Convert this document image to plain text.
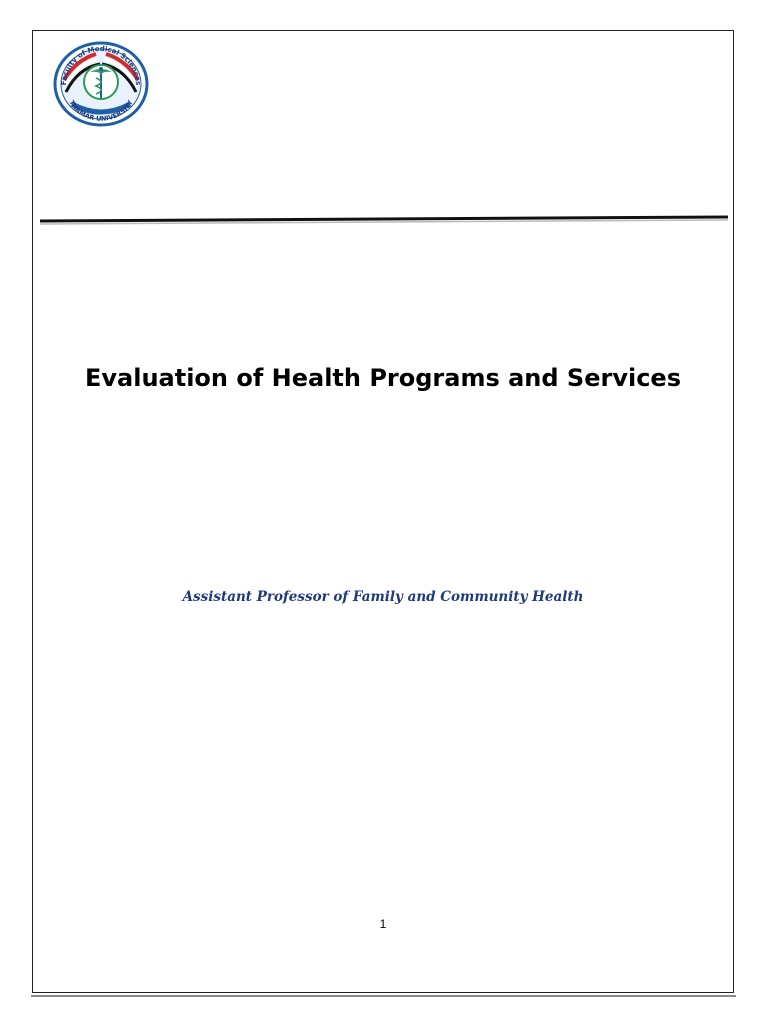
Faculty of Medical Sciences
THAMAR UNIVERSITY
Evaluation of Health Programs and Services

Assistant Professor of Family and Community Health

1
